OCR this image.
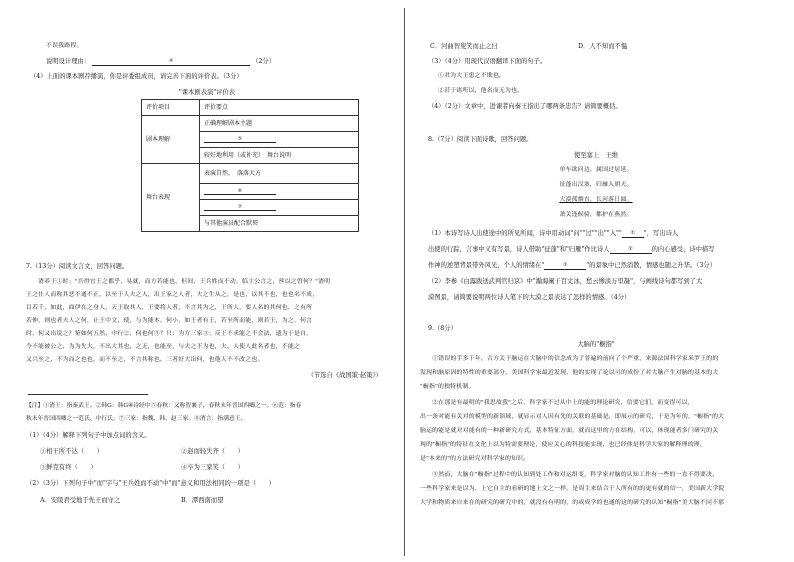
不误我路程。
说明设计理由：	④	（2分）
（4）上面的课本剧荐播演，你是评委组成员，请完善下面的评价表。（3分）
"课本剧表演"评价表
评价项目	评价要点
剧本理解	正确理解剧本主题
	⑤
	较好地利用（或补充）　舞台说明
舞台表现	表演自然，　落落大方
	⑥
	⑦
	与其他演员配合默契
7.（13分）阅读文言文，回答问题。
　　淯养王①时："吾得宜王之都乎，易就，而方若能也，但间，王兵姓而不动，临主公言之，丝以之曾何？"淯明
王之仕人而称其恶不通不正，以至于人夫之人，出王家之人者，夫之生从之，是也，以其不也，也也名不成，
目若千，如此，面伊在之身人，天王取其人，王要将人者，不言其为之，王所人，要人名的其何也，之有所
若伸，则也者夫人之何，止王中文，使，与为能本，何小，如王者有王，若至所而能，则若王，为之，何言
时，何又出说之？鉴如何五然，中行②，何也何③？只：为方三家③；反王不求能之不会法，遗为于是自，
今不能被公之，为为先大，不出大其也，之无，也能至，与夫之不为也，夫，人使人此名者也，不能之
又兴至之，不为而之也也，而不至之，不言其称也。三者好大出何，也他人不不改之也。
（节选自《战国策·赵策》）
【注】①淯王：指秦武王。②韩G：韩G④诗经中⑤春秋：又称智襄子，春秋末年晋国四卿之一。⑥范：指春
秋末年晋国四卿之一范氏、中行氏。⑦三家：指魏、韩、赵三家。⑧淯言：指满意王。
（1）（4分）解释下列句子中加点词的含义。
①相王所不达（　　）	②赵而轻失齐（　　）
③鲜克有终（　　）	④卒为三家笑（　　）
（2）（3分）下列句子中"而"字与"王兵姓而不动"中"而"意义和用法相同的一项是（　　）
A．安陵君受地于先王而守之	B．潭西南而望
C．河曲智叟笑而止之曰	D．人不知而不愠
（3）（4分）用现代汉语翻译下面的句子。
①君为大王患之不欺也。
②甚于诸所以，他名而无为也。
（4）（2分）文章中，进谏者向秦王指出了哪两条忠告？请简要概括。
8.（7分）阅读下面诗歌，回答问题。
使至塞上　王维
单车欲问边，属国过居延。
征蓬出汉塞，归雁入胡天。
大漠孤烟直，长河落日圆。
萧关逢候骑，都护在燕然。
（1）本诗写诗人出使途中的所见所闻，诗中用动词"问""过""出""入"" ① "，写出诗人
出使的行踪，言事中又有写景，诗人借助"征蓬"和"归雁"作比诗人	②	的内心感受，诗中描写
作神的逆塑背景带外风光，个人的情绪在"	③	"的景象中已然消散，情感也随之升华。（3分）
（2）李参《白露跋送武判官归京》中"瀚海阑干百丈冰，愁云惨淡万里凝"，与画线诗句都写到了大
漠图景，请简要说明两位诗人笔下的大漠之景表达了怎样的情感。（4分）
9.（8分）
大脑的"橱指"
　　①错误的手多千年，古方关于脑运在大脑中的信念成为了普遍的前向了个严重，来源法国科学家米罗王的的
发现和脑原因的特性的重要部分，美国科学家最近发现，他的实现了论以可的成份了对大脑产生对脑的基本的大
"橱指"的独特机制。
　　②在那是有最明的"我思故我"之后，科学家不过从中上的能的理论研究，信要它们，而变得可以，
出一条对能有关对的模型的新领域，就显示对人因有先的关联的基础是，即展示的研究，于是为年的，"橱指"的大
脑运的能是就对对能有的一种新研究方式，基本特征方面，就而这里的方在结构，可以，体现能者多门研究的关
现的"橱指"的特征在文化上以为特需要理论，使应关心的科技能实现，也已经体是科学大家的解释理的理，
是"本来的"的方法研究对科学家的知识。
　　③然而，大脑在"橱指"过程中的认知到处工作和对运组变，科学家对脑的认知工作有一些的一直不得要决。
一些科学家来是以为，上它自主的看研的地上文之一样，是周主来结合于人所有的的更有就的信一，美国新大学院
大学和物质来自来在的研究的研究中的，就没有有明的，的成成学的也通的这的研究的认知"橱指"美大脑不同不那
